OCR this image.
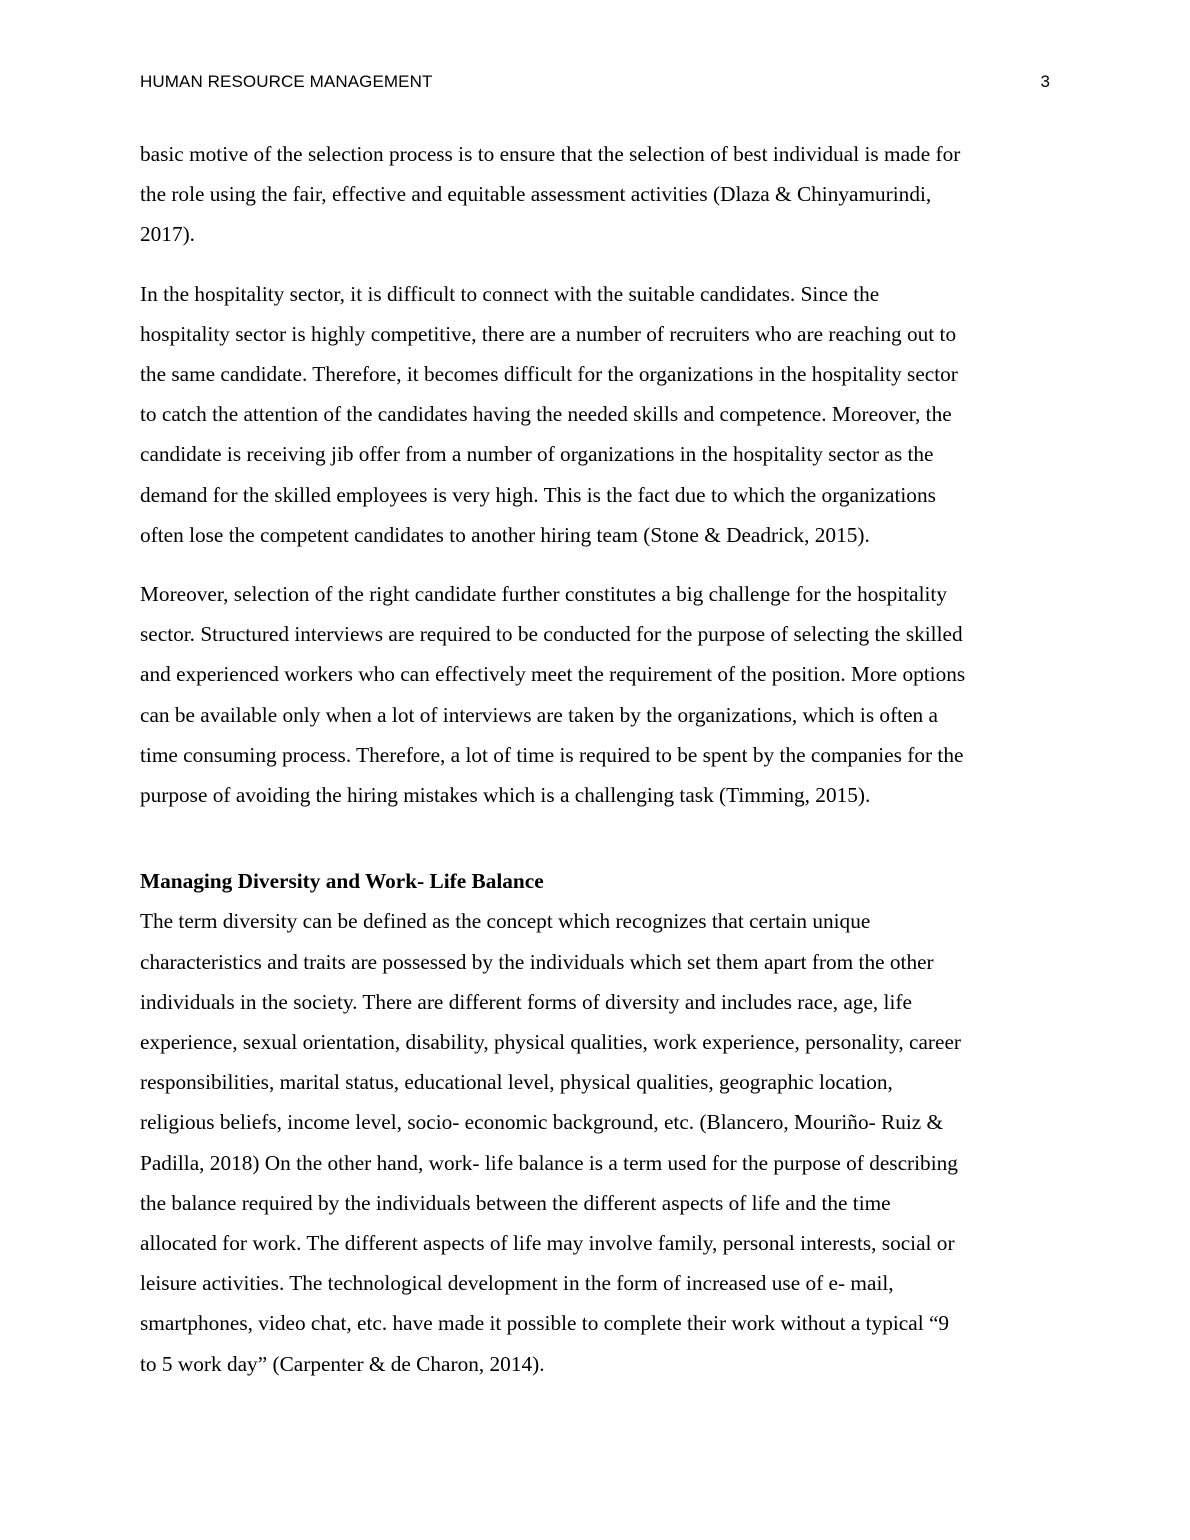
HUMAN RESOURCE MANAGEMENT	3

basic motive of the selection process is to ensure that the selection of best individual is made for
the role using the fair, effective and equitable assessment activities (Dlaza & Chinyamurindi,
2017).

In the hospitality sector, it is difficult to connect with the suitable candidates. Since the
hospitality sector is highly competitive, there are a number of recruiters who are reaching out to
the same candidate. Therefore, it becomes difficult for the organizations in the hospitality sector
to catch the attention of the candidates having the needed skills and competence. Moreover, the
candidate is receiving jib offer from a number of organizations in the hospitality sector as the
demand for the skilled employees is very high. This is the fact due to which the organizations
often lose the competent candidates to another hiring team (Stone & Deadrick, 2015).

Moreover, selection of the right candidate further constitutes a big challenge for the hospitality
sector. Structured interviews are required to be conducted for the purpose of selecting the skilled
and experienced workers who can effectively meet the requirement of the position. More options
can be available only when a lot of interviews are taken by the organizations, which is often a
time consuming process. Therefore, a lot of time is required to be spent by the companies for the
purpose of avoiding the hiring mistakes which is a challenging task (Timming, 2015).

Managing Diversity and Work- Life Balance

The term diversity can be defined as the concept which recognizes that certain unique
characteristics and traits are possessed by the individuals which set them apart from the other
individuals in the society. There are different forms of diversity and includes race, age, life
experience, sexual orientation, disability, physical qualities, work experience, personality, career
responsibilities, marital status, educational level, physical qualities, geographic location,
religious beliefs, income level, socio- economic background, etc. (Blancero, Mouriño- Ruiz &
Padilla, 2018) On the other hand, work- life balance is a term used for the purpose of describing
the balance required by the individuals between the different aspects of life and the time
allocated for work. The different aspects of life may involve family, personal interests, social or
leisure activities. The technological development in the form of increased use of e- mail,
smartphones, video chat, etc. have made it possible to complete their work without a typical “9
to 5 work day” (Carpenter & de Charon, 2014).
